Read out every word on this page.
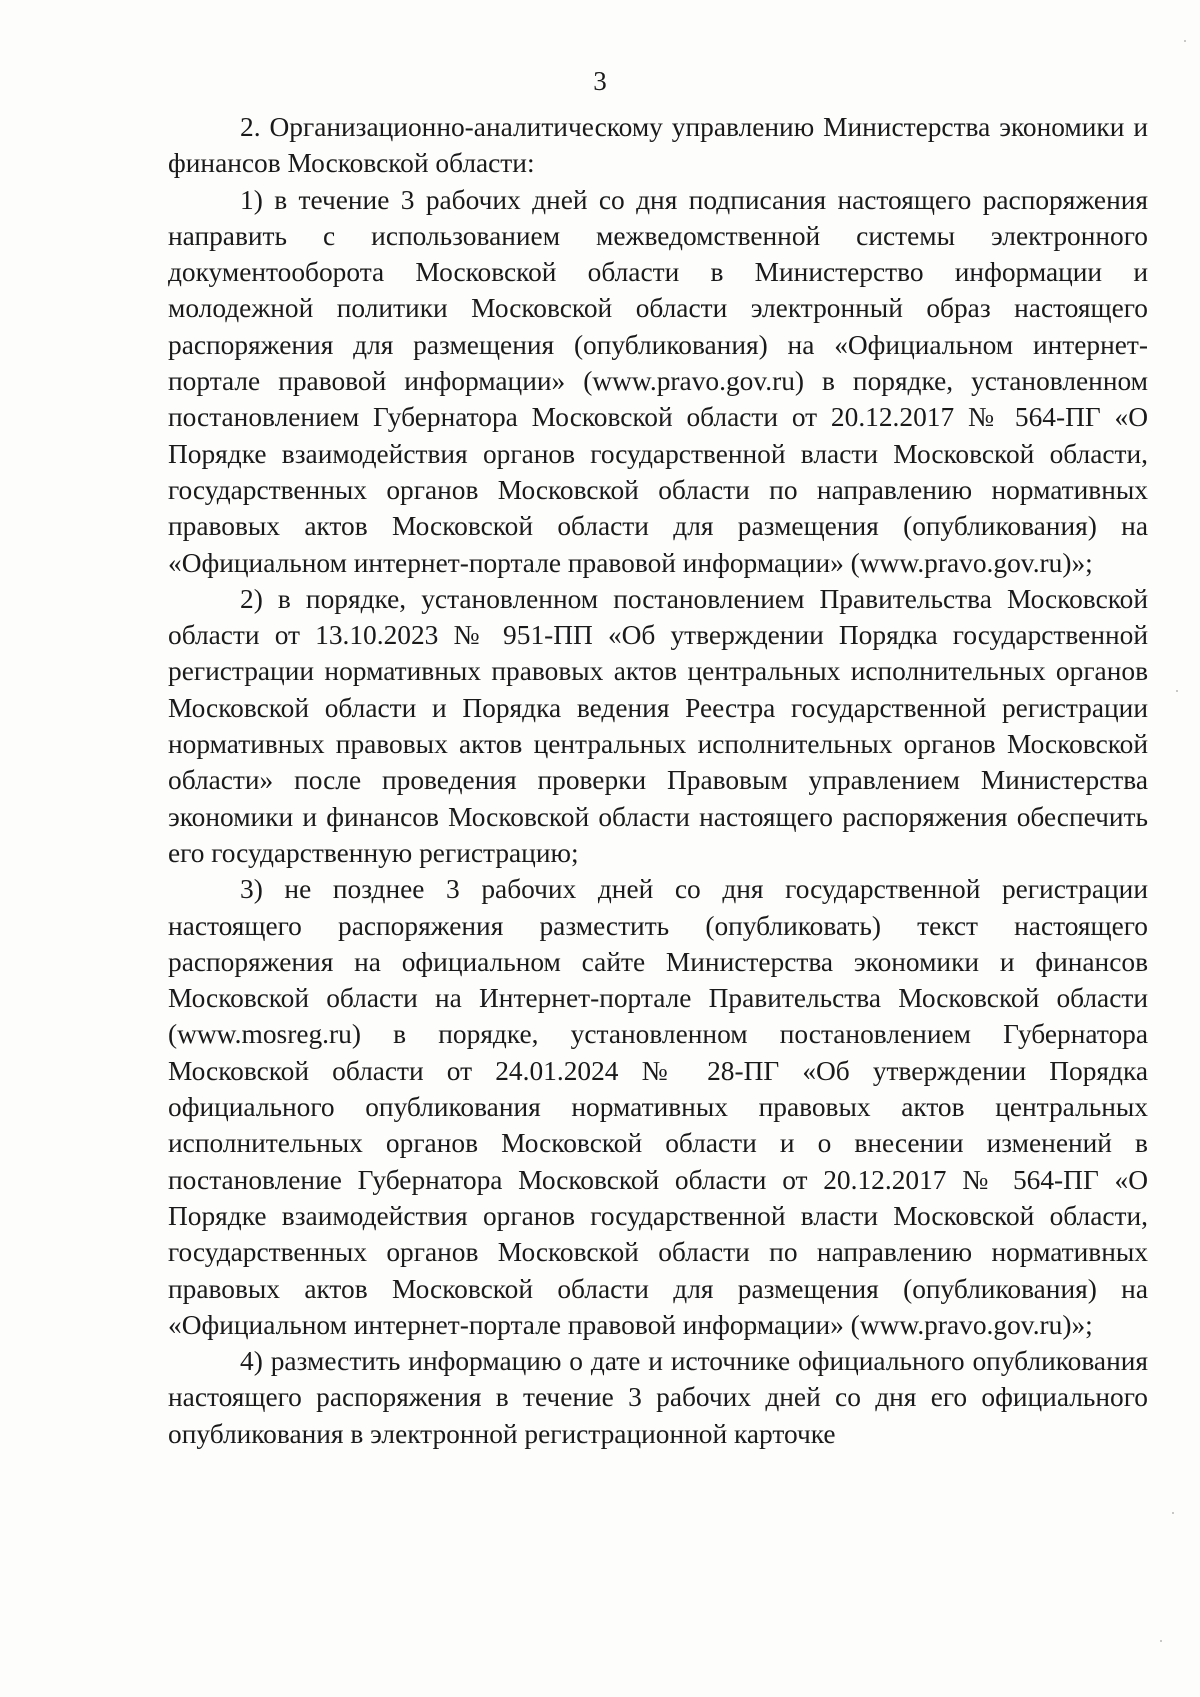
3

2. Организационно-аналитическому управлению Министерства экономики и финансов Московской области:

1) в течение 3 рабочих дней со дня подписания настоящего распоряжения направить с использованием межведомственной системы электронного документооборота Московской области в Министерство информации и молодежной политики Московской области электронный образ настоящего распоряжения для размещения (опубликования) на «Официальном интернет-портале правовой информации» (www.pravo.gov.ru) в порядке, установленном постановлением Губернатора Московской области от 20.12.2017 № 564-ПГ «О Порядке взаимодействия органов государственной власти Московской области, государственных органов Московской области по направлению нормативных правовых актов Московской области для размещения (опубликования) на «Официальном интернет-портале правовой информации» (www.pravo.gov.ru)»;

2) в порядке, установленном постановлением Правительства Московской области от 13.10.2023 № 951-ПП «Об утверждении Порядка государственной регистрации нормативных правовых актов центральных исполнительных органов Московской области и Порядка ведения Реестра государственной регистрации нормативных правовых актов центральных исполнительных органов Московской области» после проведения проверки Правовым управлением Министерства экономики и финансов Московской области настоящего распоряжения обеспечить его государственную регистрацию;

3) не позднее 3 рабочих дней со дня государственной регистрации настоящего распоряжения разместить (опубликовать) текст настоящего распоряжения на официальном сайте Министерства экономики и финансов Московской области на Интернет-портале Правительства Московской области (www.mosreg.ru) в порядке, установленном постановлением Губернатора Московской области от 24.01.2024 № 28-ПГ «Об утверждении Порядка официального опубликования нормативных правовых актов центральных исполнительных органов Московской области и о внесении изменений в постановление Губернатора Московской области от 20.12.2017 № 564-ПГ «О Порядке взаимодействия органов государственной власти Московской области, государственных органов Московской области по направлению нормативных правовых актов Московской области для размещения (опубликования) на «Официальном интернет-портале правовой информации» (www.pravo.gov.ru)»;

4) разместить информацию о дате и источнике официального опубликования настоящего распоряжения в течение 3 рабочих дней со дня его официального опубликования в электронной регистрационной карточке
